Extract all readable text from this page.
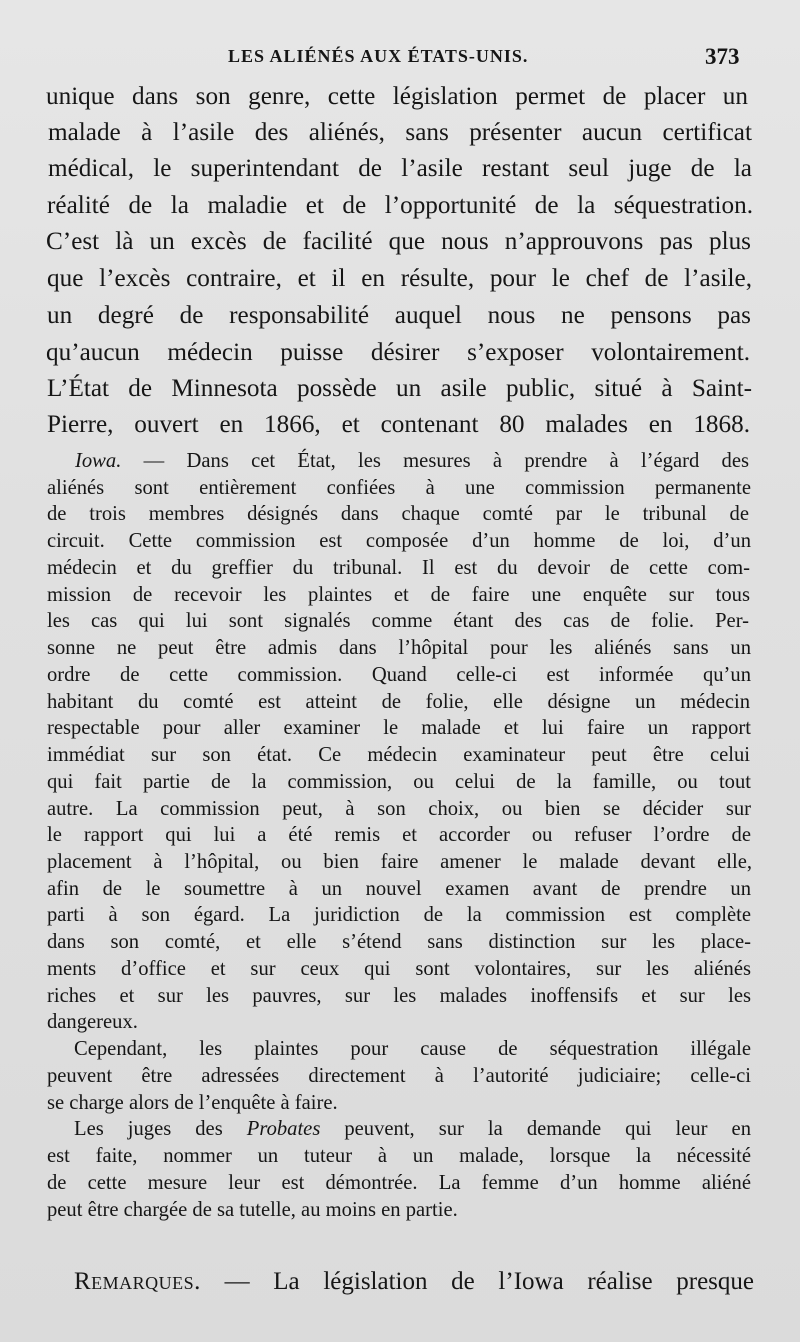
LES ALIÉNÉS AUX ÉTATS-UNIS.	373
unique dans son genre, cette législation permet de placer un
malade à l’asile des aliénés, sans présenter aucun certificat
médical, le superintendant de l’asile restant seul juge de la
réalité de la maladie et de l’opportunité de la séquestration.
C’est là un excès de facilité que nous n’approuvons pas plus
que l’excès contraire, et il en résulte, pour le chef de l’asile,
un degré de responsabilité auquel nous ne pensons pas
qu’aucun médecin puisse désirer s’exposer volontairement.
L’État de Minnesota possède un asile public, situé à Saint-
Pierre, ouvert en 1866, et contenant 80 malades en 1868.
Iowa. — Dans cet État, les mesures à prendre à l’égard des
aliénés sont entièrement confiées à une commission permanente
de trois membres désignés dans chaque comté par le tribunal de
circuit. Cette commission est composée d’un homme de loi, d’un
médecin et du greffier du tribunal. Il est du devoir de cette com-
mission de recevoir les plaintes et de faire une enquête sur tous
les cas qui lui sont signalés comme étant des cas de folie. Per-
sonne ne peut être admis dans l’hôpital pour les aliénés sans un
ordre de cette commission. Quand celle-ci est informée qu’un
habitant du comté est atteint de folie, elle désigne un médecin
respectable pour aller examiner le malade et lui faire un rapport
immédiat sur son état. Ce médecin examinateur peut être celui
qui fait partie de la commission, ou celui de la famille, ou tout
autre. La commission peut, à son choix, ou bien se décider sur
le rapport qui lui a été remis et accorder ou refuser l’ordre de
placement à l’hôpital, ou bien faire amener le malade devant elle,
afin de le soumettre à un nouvel examen avant de prendre un
parti à son égard. La juridiction de la commission est complète
dans son comté, et elle s’étend sans distinction sur les place-
ments d’office et sur ceux qui sont volontaires, sur les aliénés
riches et sur les pauvres, sur les malades inoffensifs et sur les
dangereux.
Cependant, les plaintes pour cause de séquestration illégale
peuvent être adressées directement à l’autorité judiciaire; celle-ci
se charge alors de l’enquête à faire.
Les juges des Probates peuvent, sur la demande qui leur en
est faite, nommer un tuteur à un malade, lorsque la nécessité
de cette mesure leur est démontrée. La femme d’un homme aliéné
peut être chargée de sa tutelle, au moins en partie.
Remarques. — La législation de l’Iowa réalise presque
